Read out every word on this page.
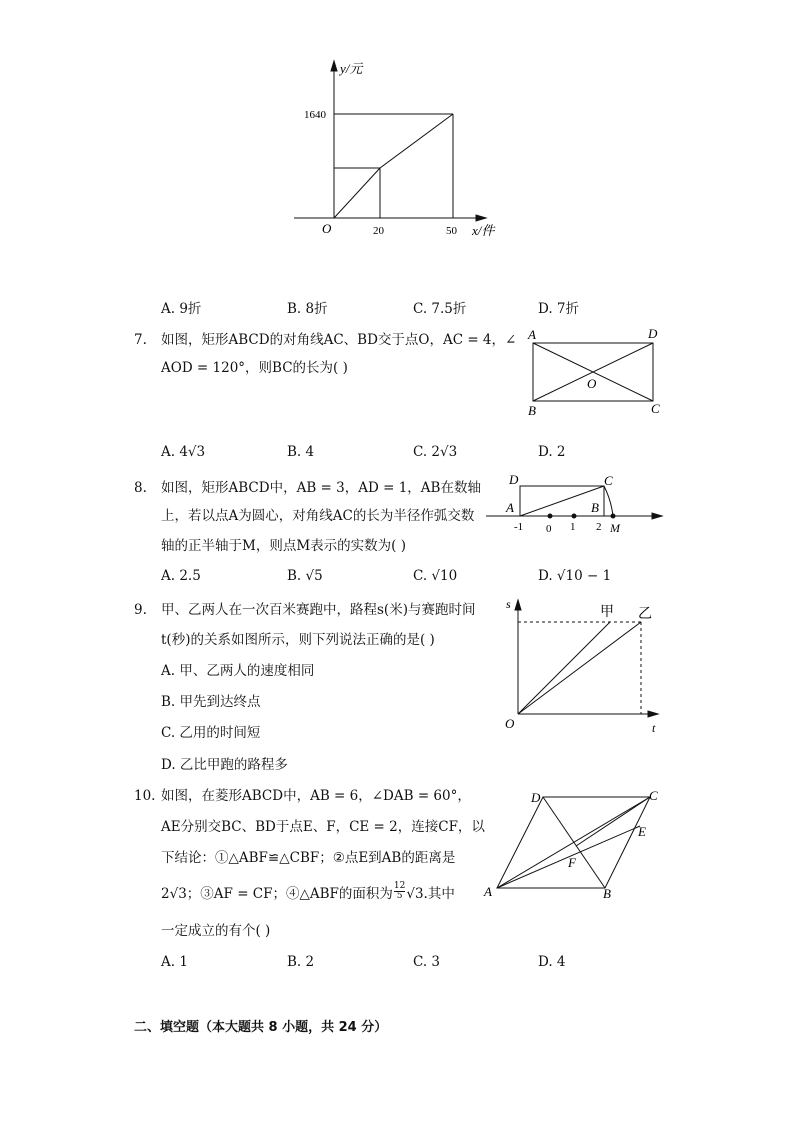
y/元
x/件
O
1640
20	50
A. 9折	B. 8折	C. 7.5折	D. 7折
7. 如图，矩形ABCD的对角线AC、BD交于点O，AC = 4，∠
AOD = 120°，则BC的长为( )
A	D
O
B	C
A. 4√3	B. 4	C. 2√3	D. 2
8. 如图，矩形ABCD中，AB = 3，AD = 1，AB在数轴
上，若以点A为圆心，对角线AC的长为半径作弧交数
轴的正半轴于M，则点M表示的实数为( )
D	C
A	B
-1 0 1 2 M
A. 2.5	B. √5	C. √10	D. √10 − 1
9. 甲、乙两人在一次百米赛跑中，路程s(米)与赛跑时间
t(秒)的关系如图所示，则下列说法正确的是( )
A. 甲、乙两人的速度相同
B. 甲先到达终点
C. 乙用的时间短
D. 乙比甲跑的路程多
s
甲 乙
O	t
10. 如图，在菱形ABCD中，AB = 6，∠DAB = 60°，
AE分别交BC、BD于点E、F，CE = 2，连接CF，以
下结论：①△ABF≌△CBF；②点E到AB的距离是
2√3；③AF = CF；④△ABF的面积为 $\frac{12}{5} √3$.其中
一定成立的有个( )
D	C
E
F
A	B
A. 1	B. 2	C. 3	D. 4
二、填空题（本大题共 8 小题，共 24 分）
